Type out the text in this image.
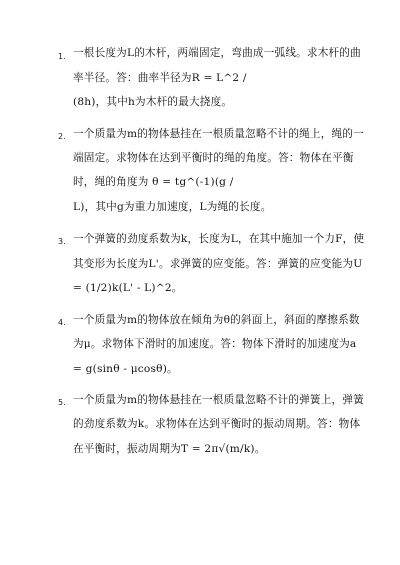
1. 一根长度为L的木杆，两端固定，弯曲成一弧线。求木杆的曲
率半径。答：曲率半径为R = L^2 /
(8h)，其中h为木杆的最大挠度。
2. 一个质量为m的物体悬挂在一根质量忽略不计的绳上，绳的一
端固定。求物体在达到平衡时的绳的角度。答：物体在平衡
时，绳的角度为 θ = tg^(-1)(g /
L)，其中g为重力加速度，L为绳的长度。
3. 一个弹簧的劲度系数为k，长度为L，在其中施加一个力F，使
其变形为长度为L'。求弹簧的应变能。答：弹簧的应变能为U
= (1/2)k(L' - L)^2。
4. 一个质量为m的物体放在倾角为θ的斜面上，斜面的摩擦系数
为μ。求物体下滑时的加速度。答：物体下滑时的加速度为a
= g(sinθ - μcosθ)。
5. 一个质量为m的物体悬挂在一根质量忽略不计的弹簧上，弹簧
的劲度系数为k。求物体在达到平衡时的振动周期。答：物体
在平衡时，振动周期为T = 2π√(m/k)。
